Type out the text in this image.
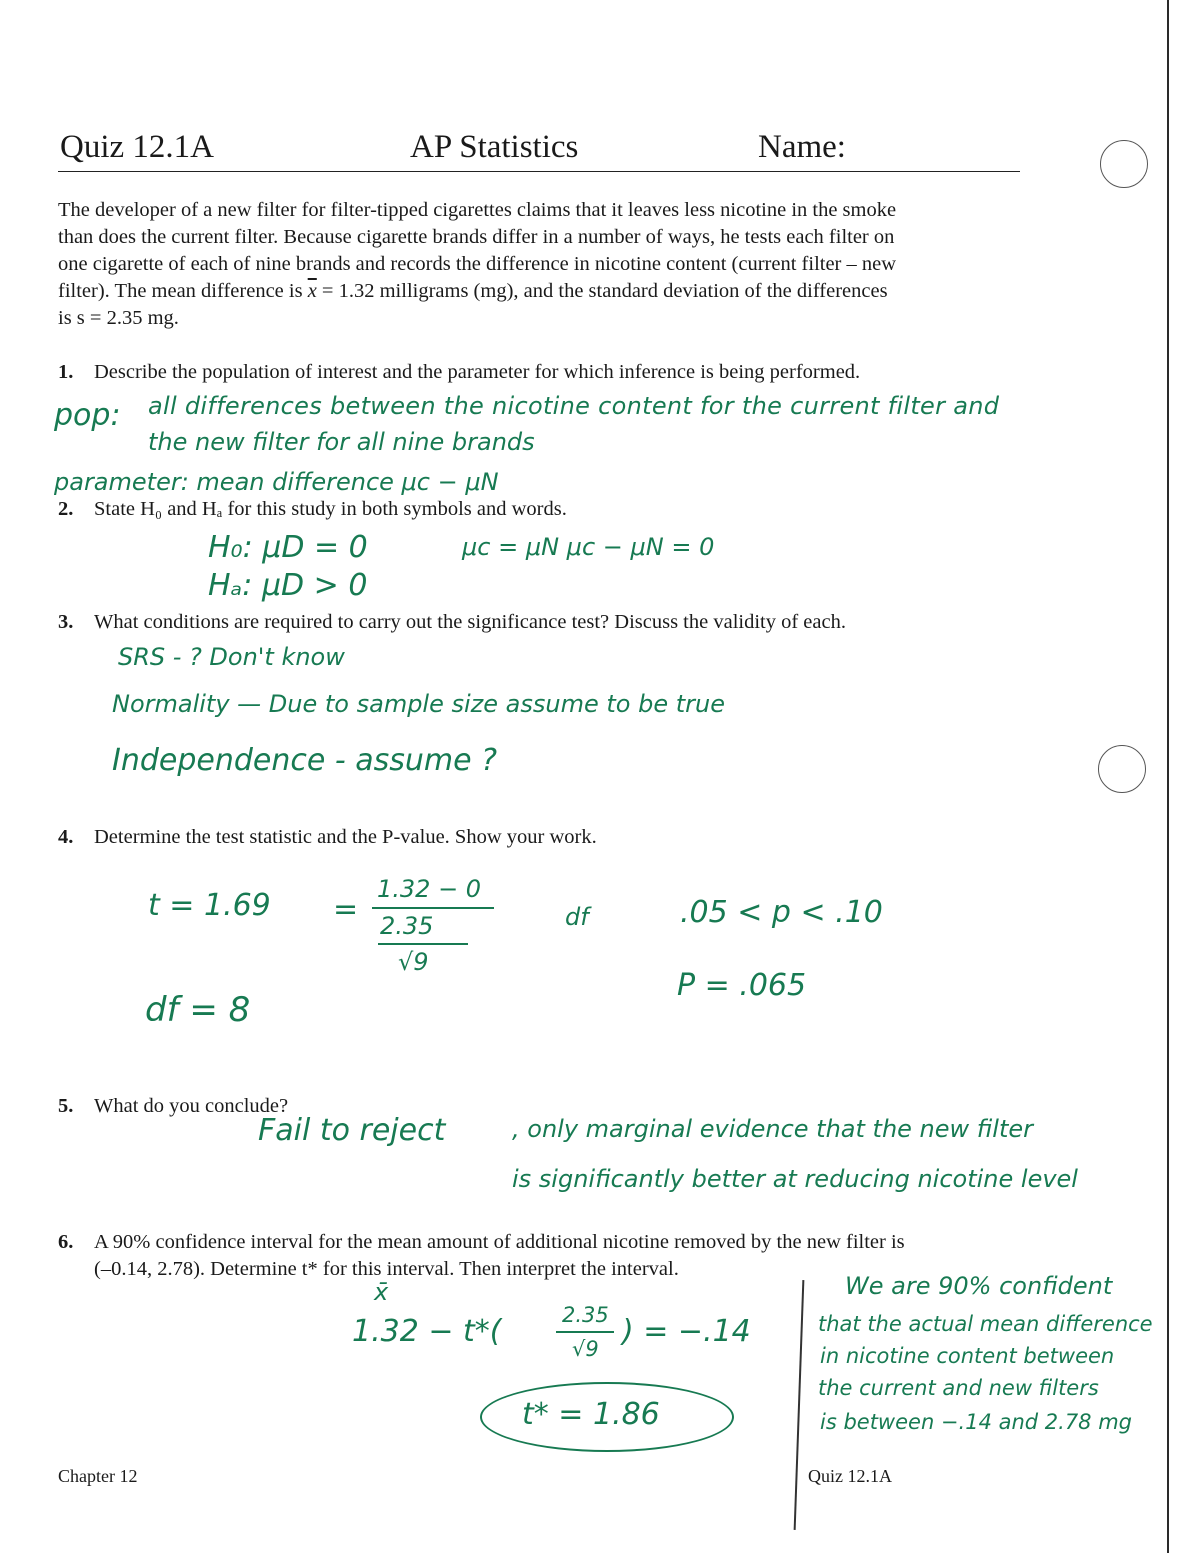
Quiz 12.1A	AP Statistics	Name:
The developer of a new filter for filter-tipped cigarettes claims that it leaves less nicotine in the smoke
than does the current filter. Because cigarette brands differ in a number of ways, he tests each filter on
one cigarette of each of nine brands and records the difference in nicotine content (current filter – new
filter). The mean difference is $\overline{x} = 1.32$ milligrams (mg), and the standard deviation of the differences
is s = 2.35 mg.
1. Describe the population of interest and the parameter for which inference is being performed.
2. State H₀ and Hₐ for this study in both symbols and words.
3. What conditions are required to carry out the significance test? Discuss the validity of each.
4. Determine the test statistic and the P-value. Show your work.
5. What do you conclude?
6. A 90% confidence interval for the mean amount of additional nicotine removed by the new filter is
(–0.14, 2.78). Determine t* for this interval. Then interpret the interval.
pop: all differences between the nicotine content for the current filter and
the new filter for all nine brands
parameter: mean difference μc − μN
H₀: μD = 0
Hₐ: μD > 0
μc = μN μc − μN = 0
SRS - ? Don't know
Normality — Due to sample size assume to be true
Independence - assume ?
t = 1.69 =
1.32 − 0
2.35
√9
df	.05 < p < .10
df = 8
P = .065
Fail to reject	, only marginal evidence that the new filter
is significantly better at reducing nicotine level
x̄
1.32 − t*(	2.35
√9 ) = −.14
t* = 1.86
We are 90% confident
that the actual mean difference
in nicotine content between
the current and new filters
is between −.14 and 2.78 mg
Chapter 12	Quiz 12.1A
